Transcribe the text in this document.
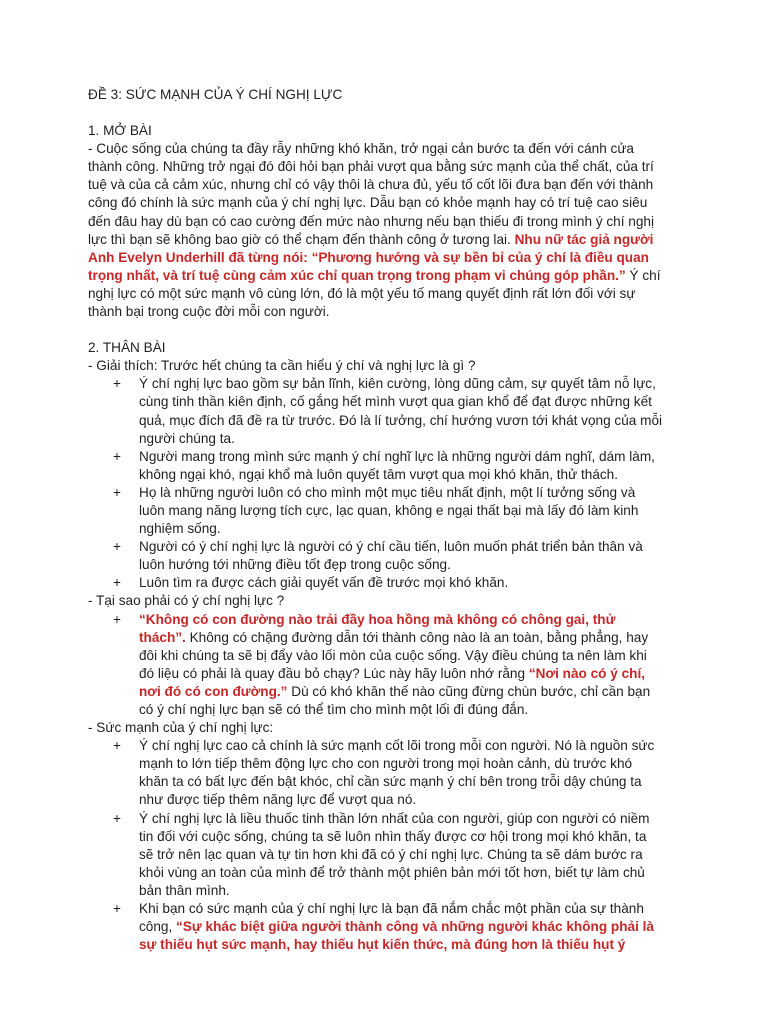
ĐỀ 3: SỨC MẠNH CỦA Ý CHÍ NGHỊ LỰC

1. MỞ BÀI

- Cuộc sống của chúng ta đầy rẫy những khó khăn, trở ngại cản bước ta đến với cánh cửa thành công. Những trở ngại đó đôi hỏi bạn phải vượt qua bằng sức mạnh của thể chất, của trí tuệ và của cả cảm xúc, nhưng chỉ có vậy thôi là chưa đủ, yếu tố cốt lõi đưa bạn đến với thành công đó chính là sức mạnh của ý chí nghị lực. Dẫu bạn có khỏe mạnh hay có trí tuệ cao siêu đến đâu hay dù bạn có cao cường đến mức nào nhưng nếu bạn thiếu đi trong mình ý chí nghị lực thì bạn sẽ không bao giờ có thể chạm đến thành công ở tương lai. Nhu nữ tác giả người Anh Evelyn Underhill đã từng nói: “Phương hướng và sự bền bỉ của ý chí là điều quan trọng nhất, và trí tuệ cùng cảm xúc chỉ quan trọng trong phạm vi chúng góp phần.” Ý chí nghị lực có một sức mạnh vô cùng lớn, đó là một yếu tố mang quyết định rất lớn đối với sự thành bại trong cuộc đời mỗi con người.

2. THÂN BÀI

- Giải thích: Trước hết chúng ta cần hiểu ý chí và nghị lực là gì ?

+ Ý chí nghị lực bao gồm sự bản lĩnh, kiên cường, lòng dũng cảm, sự quyết tâm nỗ lực, cùng tinh thần kiên định, cố gắng hết mình vượt qua gian khổ để đạt được những kết quả, mục đích đã đề ra từ trước. Đó là lí tưởng, chí hướng vươn tới khát vọng của mỗi người chúng ta.
+ Người mang trong mình sức mạnh ý chí nghĩ lực là những người dám nghĩ, dám làm, không ngại khó, ngại khổ mà luôn quyết tâm vượt qua mọi khó khăn, thử thách.
+ Họ là những người luôn có cho mình một mục tiêu nhất định, một lí tưởng sống và luôn mang năng lượng tích cực, lạc quan, không e ngại thất bại mà lấy đó làm kinh nghiệm sống.
+ Người có ý chí nghị lực là người có ý chí cầu tiến, luôn muốn phát triển bản thân và luôn hướng tới những điều tốt đẹp trong cuộc sống.
+ Luôn tìm ra được cách giải quyết vấn đề trước mọi khó khăn.

- Tại sao phải có ý chí nghị lực ?

+ “Không có con đường nào trải đầy hoa hồng mà không có chông gai, thử thách”. Không có chặng đường dẫn tới thành công nào là an toàn, bằng phẳng, hay đôi khi chúng ta sẽ bị đẩy vào lối mòn của cuộc sống. Vậy điều chúng ta nên làm khi đó liệu có phải là quay đầu bỏ chạy? Lúc này hãy luôn nhớ rằng “Nơi nào có ý chí, nơi đó có con đường.” Dù có khó khăn thế nào cũng đừng chùn bước, chỉ cần bạn có ý chí nghị lực bạn sẽ có thể tìm cho mình một lối đi đúng đắn.

- Sức mạnh của ý chí nghị lực:

+ Ý chí nghị lực cao cả chính là sức mạnh cốt lõi trong mỗi con người. Nó là nguồn sức mạnh to lớn tiếp thêm động lực cho con người trong mọi hoàn cảnh, dù trước khó khăn ta có bất lực đến bật khóc, chỉ cần sức mạnh ý chí bên trong trỗi dậy chúng ta như được tiếp thêm năng lực để vượt qua nó.
+ Ý chí nghị lực là liều thuốc tinh thần lớn nhất của con người, giúp con người có niềm tin đối với cuộc sống, chúng ta sẽ luôn nhìn thấy được cơ hội trong mọi khó khăn, ta sẽ trở nên lạc quan và tự tin hơn khi đã có ý chí nghị lực. Chúng ta sẽ dám bước ra khỏi vùng an toàn của mình để trở thành một phiên bản mới tốt hơn, biết tự làm chủ bản thân mình.
+ Khi bạn có sức mạnh của ý chí nghị lực là bạn đã nắm chắc một phần của sự thành công, “Sự khác biệt giữa người thành công và những người khác không phải là sự thiếu hụt sức mạnh, hay thiếu hụt kiến thức, mà đúng hơn là thiếu hụt ý
